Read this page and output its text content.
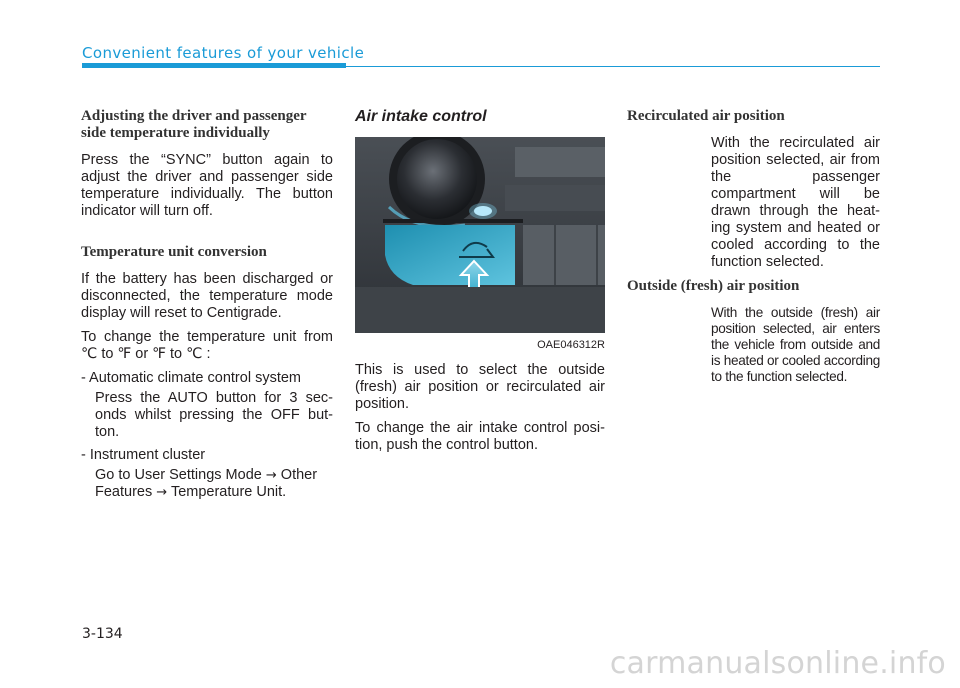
Convenient features of your vehicle
Adjusting the driver and passenger side temperature individually

Press the “SYNC” button again to adjust the driver and passenger side temperature individually. The button indicator will turn off.

Temperature unit conversion

If the battery has been discharged or disconnected, the temperature mode display will reset to Centigrade.

To change the temperature unit from ℃ to ℉ or ℉ to ℃ :

- Automatic climate control system
Press the AUTO button for 3 sec-onds whilst pressing the OFF but-ton.
- Instrument cluster
Go to User Settings Mode → Other Features → Temperature Unit.
Air intake control
OAE046312R

This is used to select the outside (fresh) air position or recirculated air position.

To change the air intake control posi-tion, push the control button.

Recirculated air position

With the recirculated air position selected, air from the passenger compartment will be drawn through the heat-ing system and heated or cooled according to the function selected.

Outside (fresh) air position

With the outside (fresh) air position selected, air enters the vehicle from outside and is heated or cooled according to the function selected.

3-134
carmanualsonline.info
